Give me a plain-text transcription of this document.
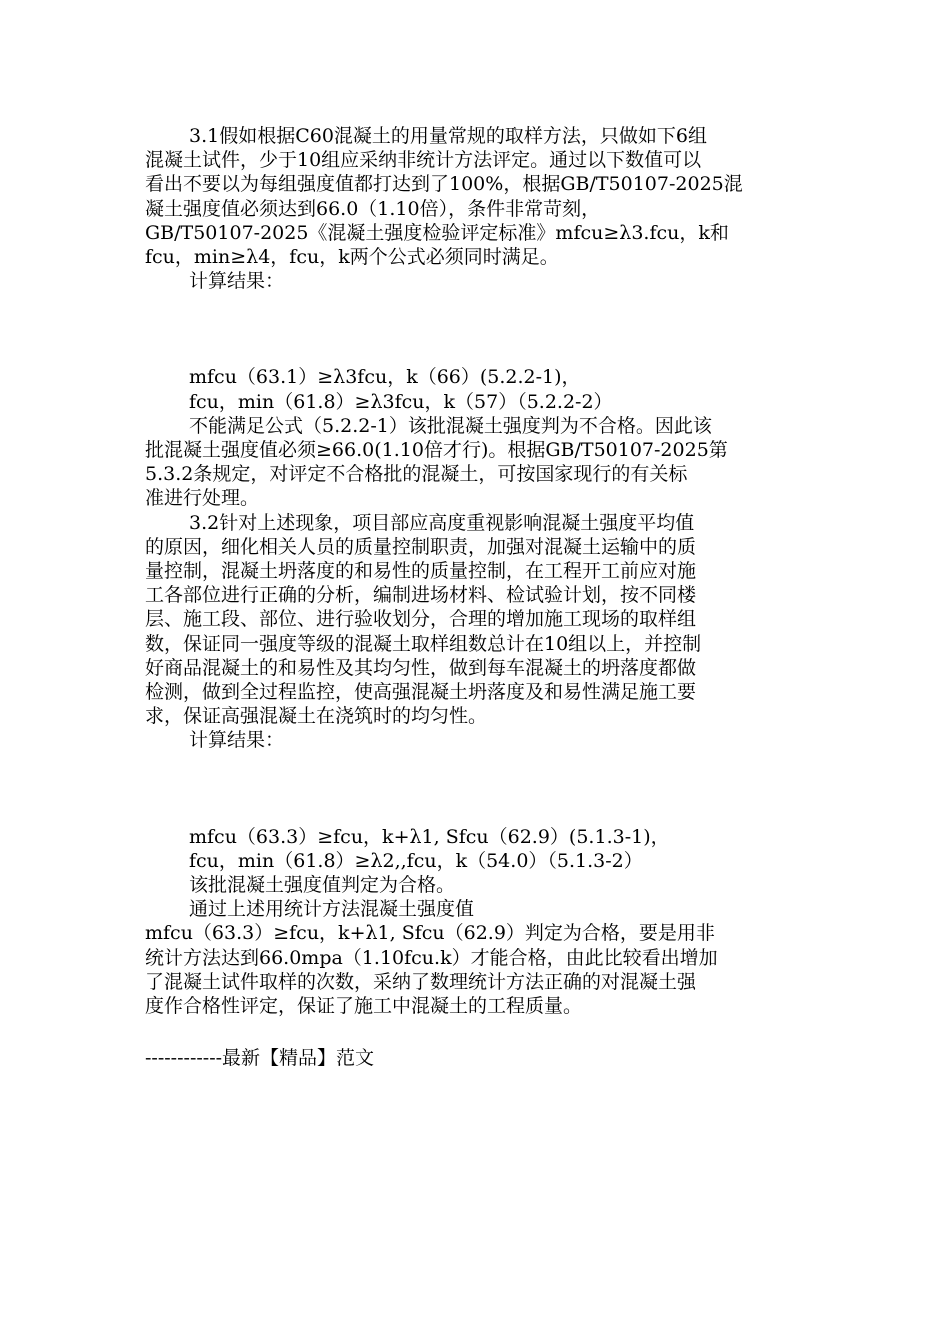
3.1假如根据C60混凝土的用量常规的取样方法，只做如下6组

混凝土试件，少于10组应采纳非统计方法评定。通过以下数值可以

看出不要以为每组强度值都打达到了100%，根据GB/T50107-2025混

凝土强度值必须达到66.0（1.10倍），条件非常苛刻，

GB/T50107-2025《混凝土强度检验评定标准》mfcu≥λ3.fcu，k和

fcu，min≥λ4，fcu，k两个公式必须同时满足。

计算结果：

mfcu（63.1）≥λ3fcu，k（66）(5.2.2-1)，

fcu，min（61.8）≥λ3fcu，k（57）（5.2.2-2）

不能满足公式（5.2.2-1）该批混凝土强度判为不合格。因此该

批混凝土强度值必须≥66.0(1.10倍才行)。根据GB/T50107-2025第

5.3.2条规定，对评定不合格批的混凝土，可按国家现行的有关标

准进行处理。

3.2针对上述现象，项目部应高度重视影响混凝土强度平均值

的原因，细化相关人员的质量控制职责，加强对混凝土运输中的质

量控制，混凝土坍落度的和易性的质量控制，在工程开工前应对施

工各部位进行正确的分析，编制进场材料、检试验计划，按不同楼

层、施工段、部位、进行验收划分，合理的增加施工现场的取样组

数，保证同一强度等级的混凝土取样组数总计在10组以上，并控制

好商品混凝土的和易性及其均匀性，做到每车混凝土的坍落度都做

检测，做到全过程监控，使高强混凝土坍落度及和易性满足施工要

求，保证高强混凝土在浇筑时的均匀性。

计算结果：

mfcu（63.3）≥fcu，k+λ1, Sfcu（62.9）(5.1.3-1)，

fcu，min（61.8）≥λ2,,fcu，k（54.0）（5.1.3-2）

该批混凝土强度值判定为合格。

通过上述用统计方法混凝土强度值

mfcu（63.3）≥fcu，k+λ1, Sfcu（62.9）判定为合格，要是用非

统计方法达到66.0mpa（1.10fcu.k）才能合格，由此比较看出增加

了混凝土试件取样的次数，采纳了数理统计方法正确的对混凝土强

度作合格性评定，保证了施工中混凝土的工程质量。

------------最新【精品】范文
